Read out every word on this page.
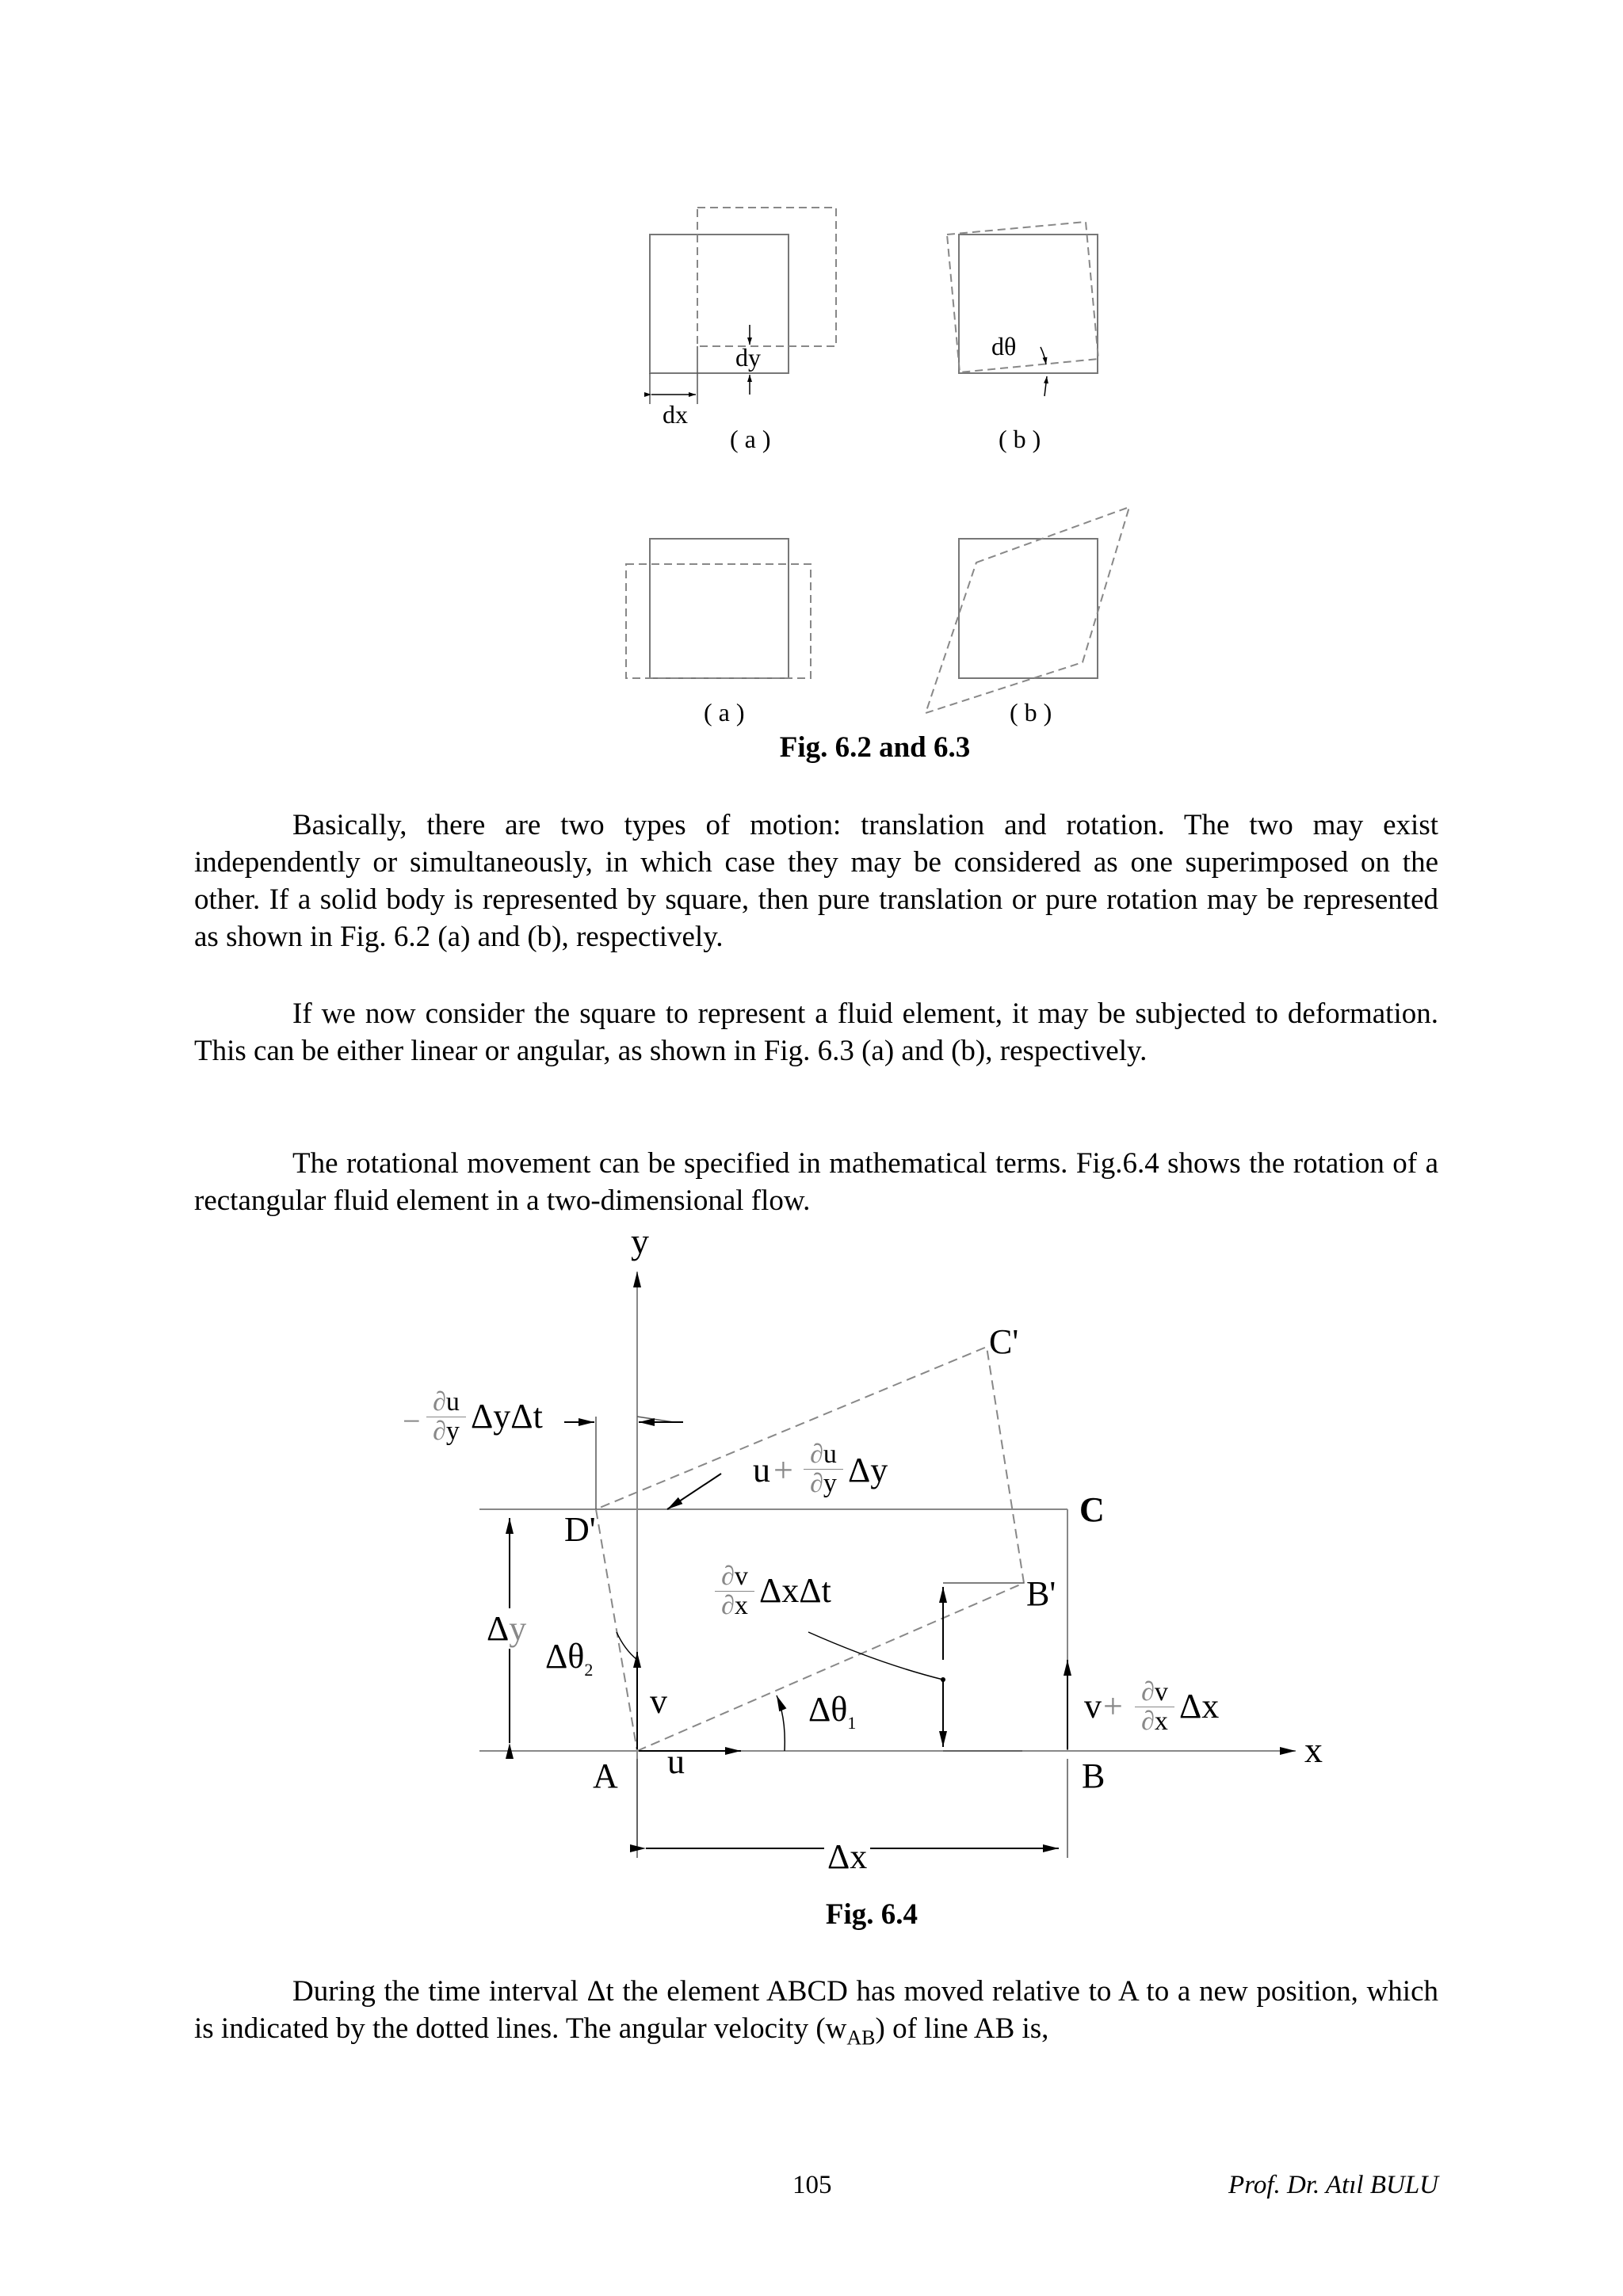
dx
dy
( a )
dθ
( b )
( a )	( b )
Fig. 6.2 and 6.3

Basically, there are two types of motion: translation and rotation. The two may exist independently or simultaneously, in which case they may be considered as one superimposed on the other. If a solid body is represented by square, then pure translation or pure rotation may be represented as shown in Fig. 6.2 (a) and (b), respectively.

If we now consider the square to represent a fluid element, it may be subjected to deformation. This can be either linear or angular, as shown in Fig. 6.3 (a) and (b), respectively.

The rotational movement can be specified in mathematical terms. Fig.6.4 shows the rotation of a rectangular fluid element in a two-dimensional flow.

y
x
C'
C
D'
B'
A	B
u
v
Δx
Δy
$\Delta\theta_1$
$\Delta\theta_2$
−
∂u
∂y ΔyΔt
u + ∂u
∂y Δy
∂v
∂x ΔxΔt
v + ∂v
∂x Δx
Fig. 6.4

During the time interval Δt the element ABCD has moved relative to A to a new position, which is indicated by the dotted lines. The angular velocity $(w_{AB})$ of line AB is,

105	Prof. Dr. Atıl BULU
